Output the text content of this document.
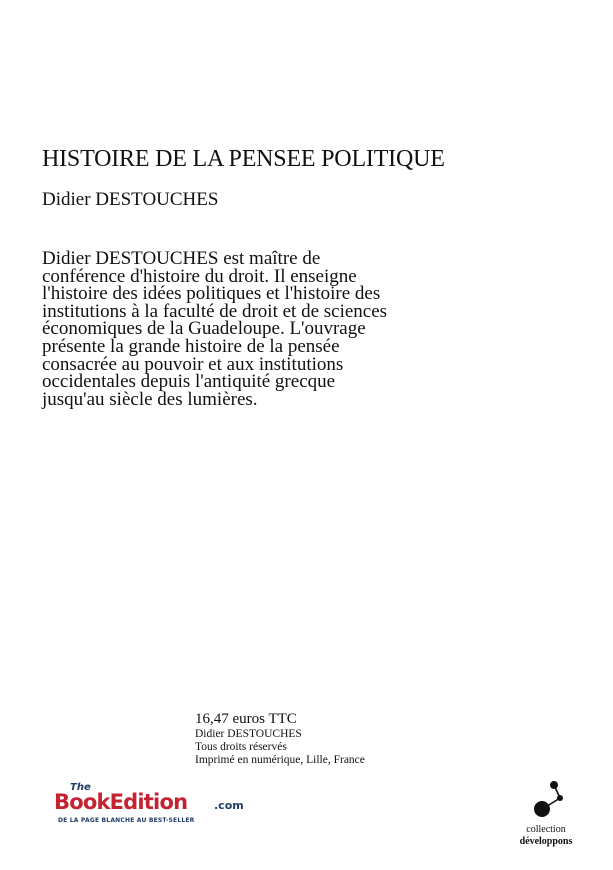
HISTOIRE DE LA PENSEE POLITIQUE
Didier DESTOUCHES
Didier DESTOUCHES est maître de
conférence d'histoire du droit. Il enseigne
l'histoire des idées politiques et l'histoire des
institutions à la faculté de droit et de sciences
économiques de la Guadeloupe. L'ouvrage
présente la grande histoire de la pensée
consacrée au pouvoir et aux institutions
occidentales depuis l'antiquité grecque
jusqu'au siècle des lumières.
16,47 euros TTC
Didier DESTOUCHES
Tous droits réservés
Imprimé en numérique, Lille, France
The
BookEdition .com
DE LA PAGE BLANCHE AU BEST-SELLER
collection
développons
